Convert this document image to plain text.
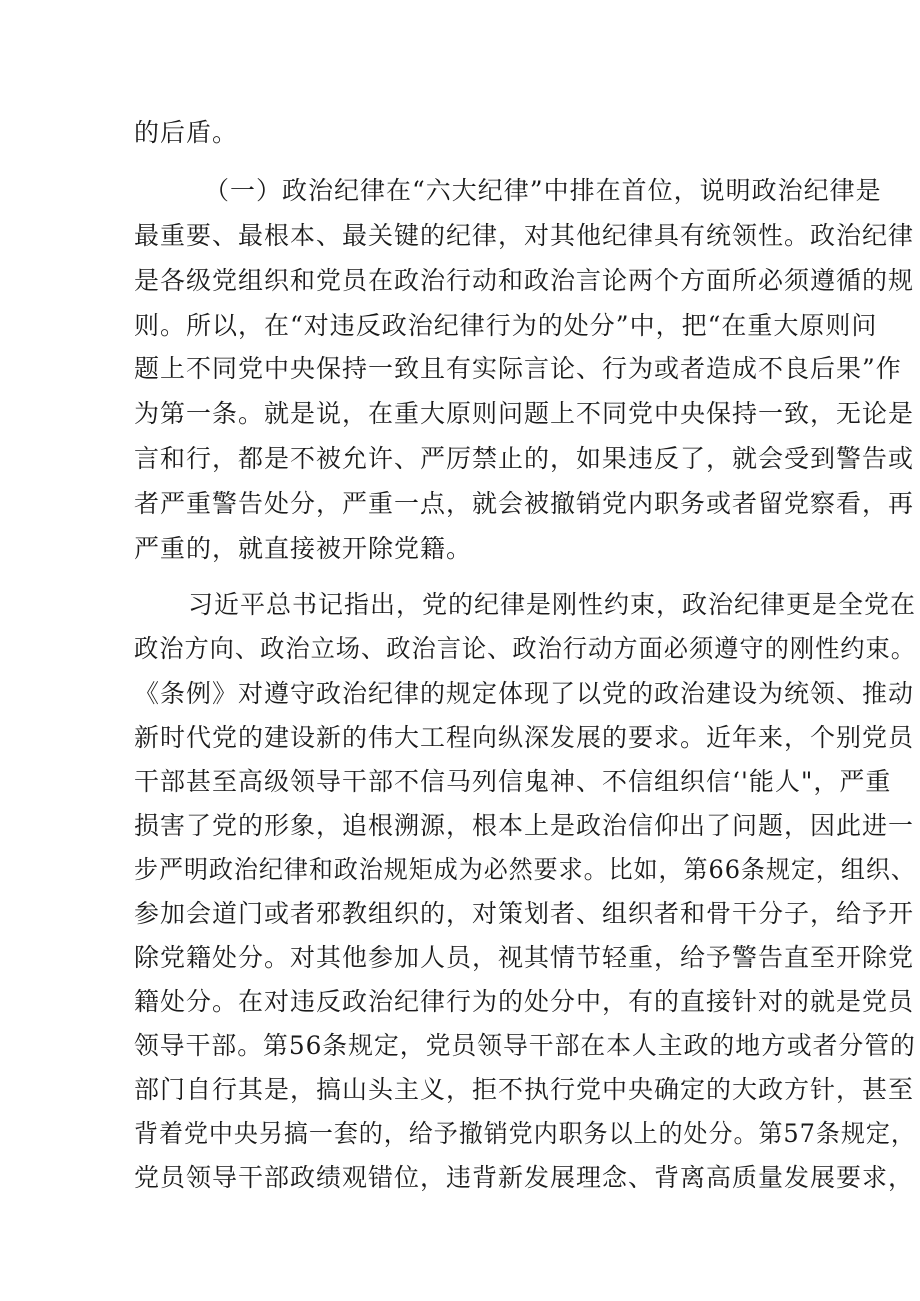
的后盾。
（一）政治纪律在“六大纪律”中排在首位，说明政治纪律是
最重要、最根本、最关键的纪律，对其他纪律具有统领性。政治纪律
是各级党组织和党员在政治行动和政治言论两个方面所必须遵循的规
则。所以，在“对违反政治纪律行为的处分”中，把“在重大原则问
题上不同党中央保持一致且有实际言论、行为或者造成不良后果”作
为第一条。就是说，在重大原则问题上不同党中央保持一致，无论是
言和行，都是不被允许、严厉禁止的，如果违反了，就会受到警告或
者严重警告处分，严重一点，就会被撤销党内职务或者留党察看，再
严重的，就直接被开除党籍。
习近平总书记指出，党的纪律是刚性约束，政治纪律更是全党在
政治方向、政治立场、政治言论、政治行动方面必须遵守的刚性约束。
《条例》对遵守政治纪律的规定体现了以党的政治建设为统领、推动
新时代党的建设新的伟大工程向纵深发展的要求。近年来，个别党员
干部甚至高级领导干部不信马列信鬼神、不信组织信‘'能人"，严重
损害了党的形象，追根溯源，根本上是政治信仰出了问题，因此进一
步严明政治纪律和政治规矩成为必然要求。比如，第66条规定，组织、
参加会道门或者邪教组织的，对策划者、组织者和骨干分子，给予开
除党籍处分。对其他参加人员，视其情节轻重，给予警告直至开除党
籍处分。在对违反政治纪律行为的处分中，有的直接针对的就是党员
领导干部。第56条规定，党员领导干部在本人主政的地方或者分管的
部门自行其是，搞山头主义，拒不执行党中央确定的大政方针，甚至
背着党中央另搞一套的，给予撤销党内职务以上的处分。第57条规定，
党员领导干部政绩观错位，违背新发展理念、背离高质量发展要求，
